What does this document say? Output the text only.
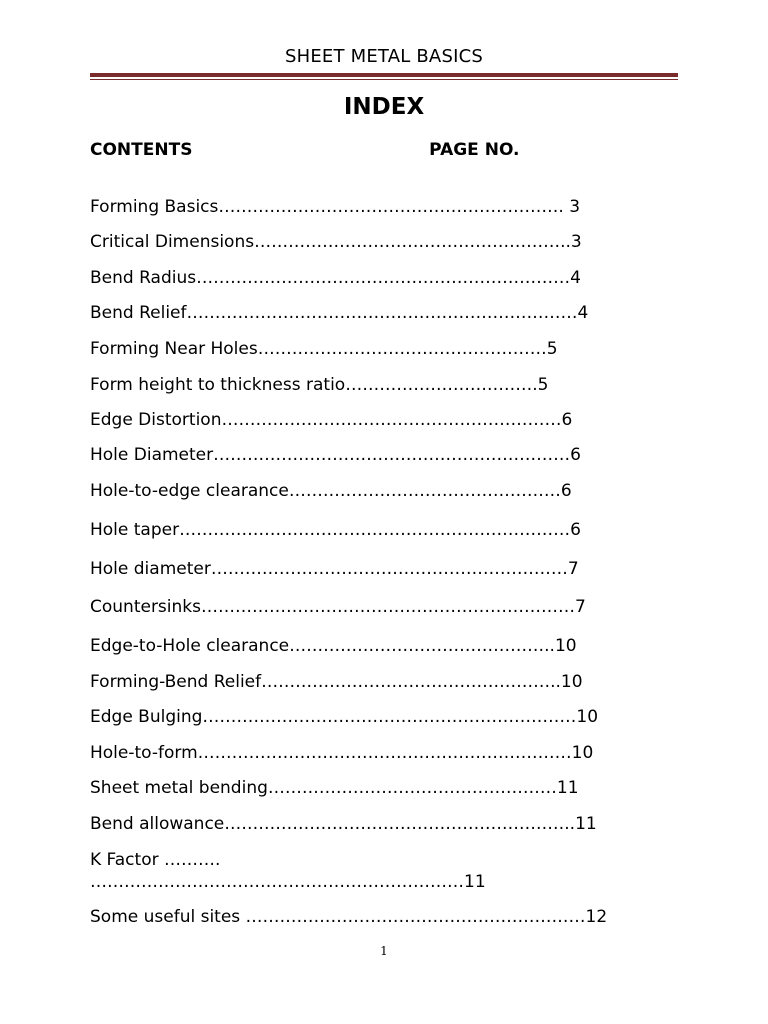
SHEET METAL BASICS
INDEX
CONTENTS                                        PAGE NO.
Forming Basics……………………………………………………. 3
Critical Dimensions………………………………………………..3
Bend Radius…………………………………………………………4
Bend Relief……………………………………………………………4
Forming Near Holes……………………………………………5
Form height to thickness ratio…………………………….5
Edge Distortion……………………………………………………6
Hole Diameter………………………………………………………6
Hole-to-edge clearance…………………………………………6
Hole taper……………………………………………………………6
Hole diameter………………………………………………………7
Countersinks…………………………………………………………7
Edge-to-Hole clearance………………………………………..10
Forming-Bend Relief……………………………………………..10
Edge Bulging…………………………………………………………10
Hole-to-form…………………………………………………………10
Sheet metal bending……………………………………………11
Bend allowance……………………………………………………..11
K Factor ……….
…………………………………………………………11
Some useful sites ……………………………………………………12
1
